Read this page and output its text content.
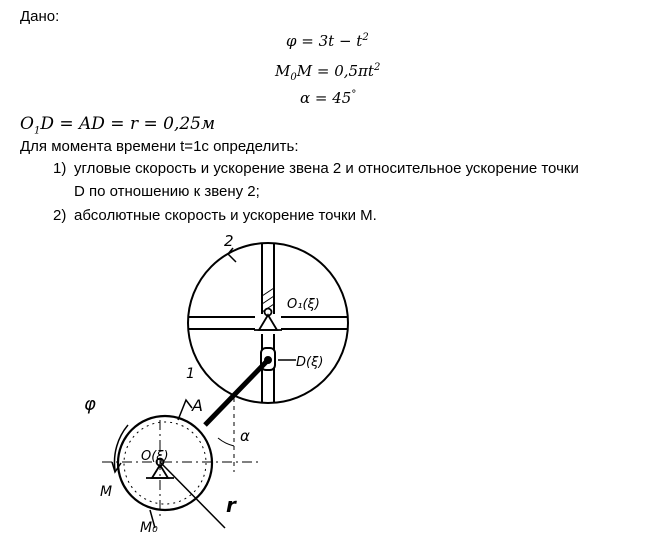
Дано:
$\varphi = 3t - t^2$
$M_0M = 0,5\pi t^2$
α = 45°
$O_1D$ = AD = r = 0,25м
Для момента времени t=1с определить:
1) угловые скорость и ускорение звена 2 и относительное ускорение точки
D по отношению к звену 2;
2) абсолютные скорость и ускорение точки M.
2
O₁(ξ)
D(ξ)
1
A
φ
O(ξ)
α
M
M₀
r
